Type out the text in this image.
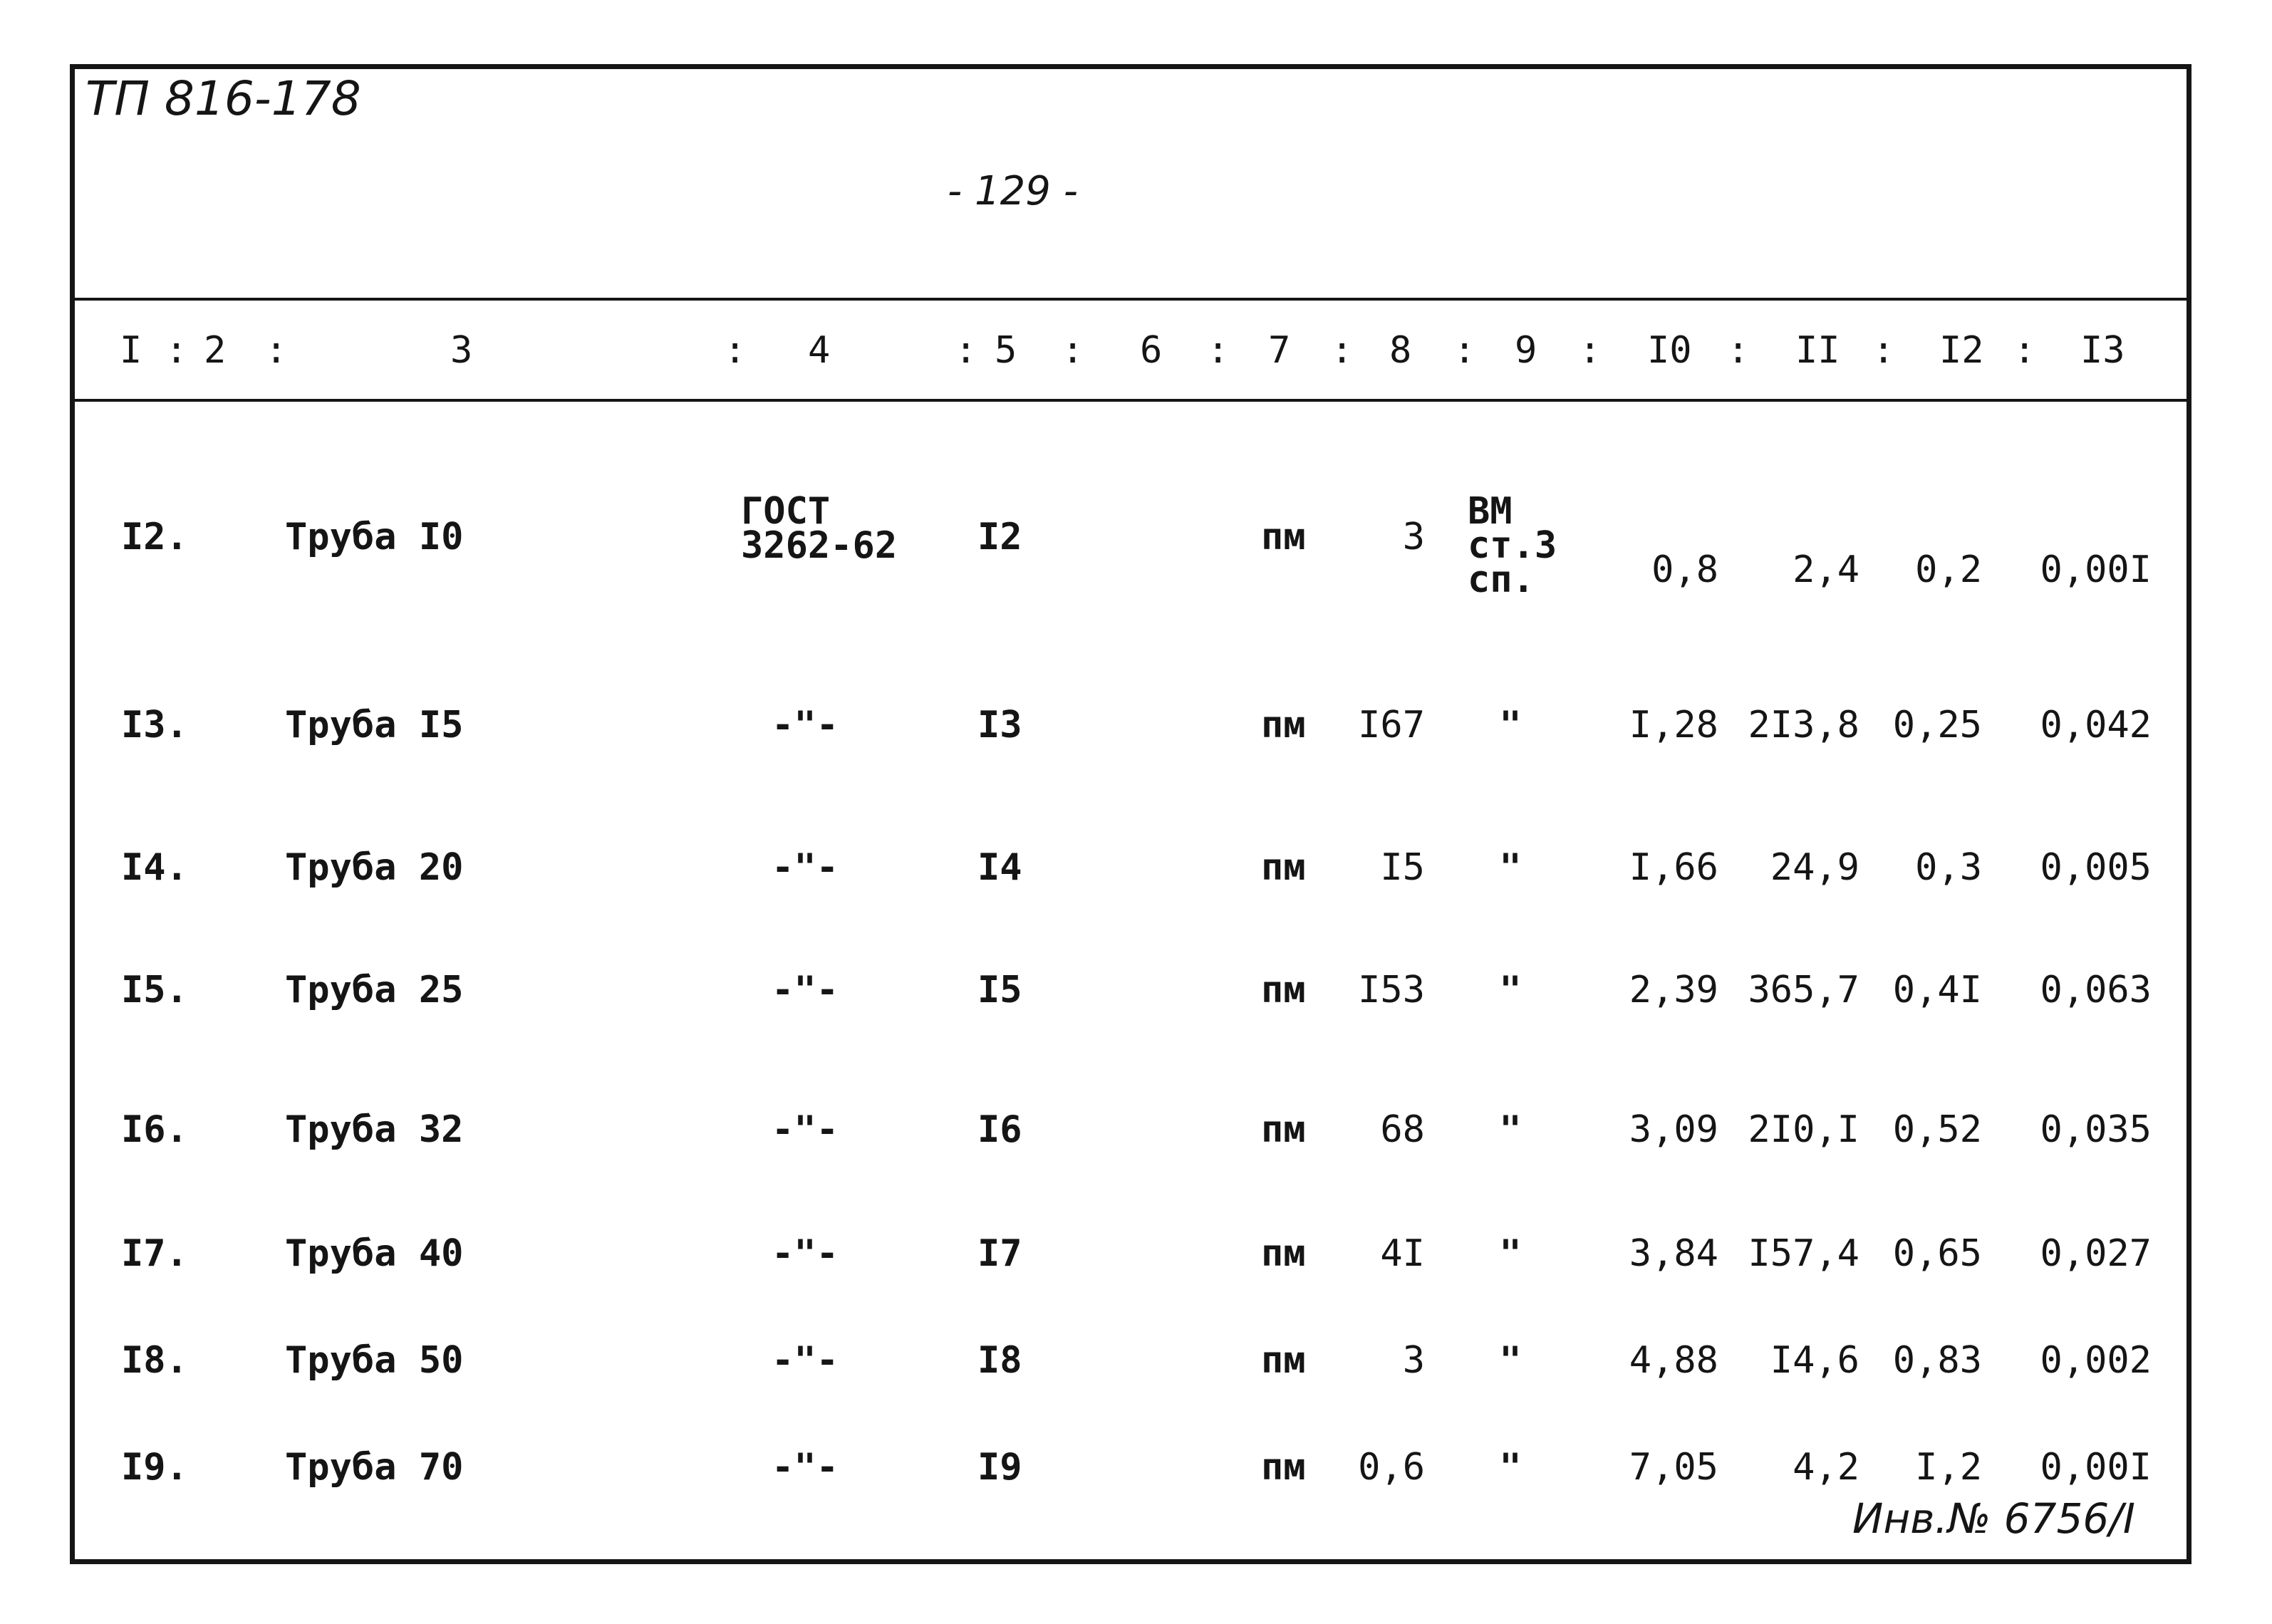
ТП 816-178
- 129 -
Инв.№ 6756/Ⅰ
I : 2 :	3	: 4	: 5 : 6 : 7 : 8 : 9 : I0 : II : I2 : I3
I2.	Труба I0
ГОСТ
3262-62	I2	пм	3
ВМ
ст.3
сп.	0,8	2,4	0,2	0,00I
I3.	Труба I5	-"-	I3	пм	I67	"	I,28 2I3,8 0,25	0,042
I4.	Труба 20	-"-	I4	пм	I5	"	I,66	24,9	0,3	0,005
I5.	Труба 25	-"-	I5	пм	I53	"	2,39 365,7 0,4I	0,063
I6.	Труба 32	-"-	I6	пм	68	"	3,09 2I0,I 0,52	0,035
I7.	Труба 40	-"-	I7	пм	4I	"	3,84 I57,4 0,65	0,027
I8.	Труба 50	-"-	I8	пм	3	"	4,88	I4,6 0,83	0,002
I9.	Труба 70	-"-	I9	пм	0,6	"	7,05	4,2	I,2	0,00I
